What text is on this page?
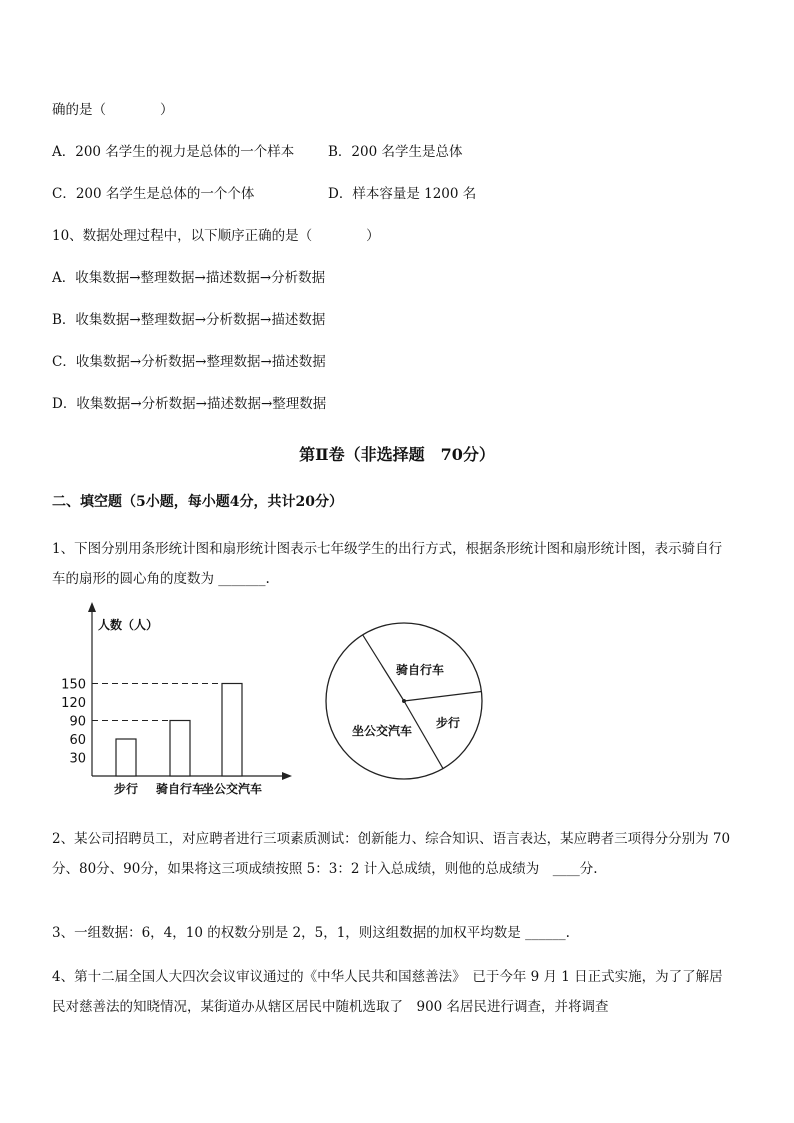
确的是（　　　　）
A．200 名学生的视力是总体的一个样本 B．200 名学生是总体
C．200 名学生是总体的一个个体	D．样本容量是 1200 名
10、数据处理过程中，以下顺序正确的是（　　　　）
A．收集数据→整理数据→描述数据→分析数据
B．收集数据→整理数据→分析数据→描述数据
C．收集数据→分析数据→整理数据→描述数据
D．收集数据→分析数据→描述数据→整理数据
第Ⅱ卷（非选择题　70分）
二、填空题（5小题，每小题4分，共计20分）
1、下图分别用条形统计图和扇形统计图表示七年级学生的出行方式，根据条形统计图和扇形统计图，表示骑自行车的扇形的圆心角的度数为 _______.
人数（人）
30
60
90
120
150
步行 骑自行车
坐公交汽车
骑自行车
步行
坐公交汽车
2、某公司招聘员工，对应聘者进行三项素质测试：创新能力、综合知识、语言表达，某应聘者三项得分分别为 70分、80分、90分，如果将这三项成绩按照 5：3：2 计入总成绩，则他的总成绩为　____分.
3、一组数据：6，4，10 的权数分别是 2，5，1，则这组数据的加权平均数是 ______.
4、第十二届全国人大四次会议审议通过的《中华人民共和国慈善法》　已于今年 9 月 1 日正式实施，为了了解居民对慈善法的知晓情况，某街道办从辖区居民中随机选取了　900 名居民进行调查，并将调查
